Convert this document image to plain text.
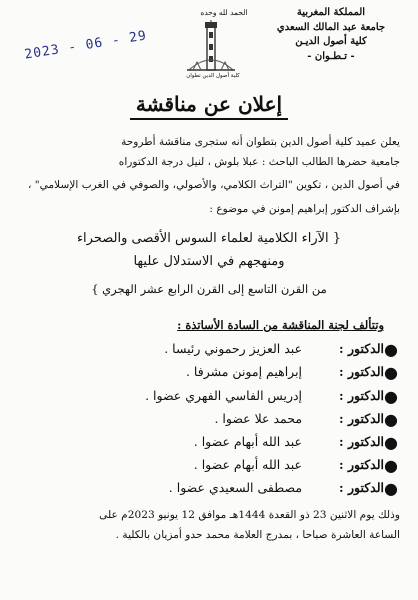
المملكة المغربية
جامعة عبد المالك السعدي
كلية أصول الديـن
- تـطـوان -
الحمد لله وحده
كلية أصول الدين تطوان
2023 - 06 - 29
إعلان عن مناقشة
يعلن عميد كلية أصول الدين بتطوان أنه ستجرى مناقشة أطروحة
جامعية حضرها الطالب الباحث : عبلا بلوش ، لنيل درجة الدكتوراه
في أصول الدين ، تكوين "التراث الكلامي، والأصولي، والصوفي في الغرب الإسلامي" ،
بإشراف الدكتور إبراهيم إمونن في موضوع :
{ الآراء الكلامية لعلماء السوس الأقصى والصحراء
ومنهجهم في الاستدلال عليها
من القرن التاسع إلى القرن الرابع عشر الهجري }
وتتألف لجنة المناقشة من السادة الأساتذة :
● الدكتور : عبد العزيز رحموني رئيسا .
● الدكتور : إبراهيم إمونن مشرفا .
● الدكتور : إدريس الفاسي الفهري عضوا .
● الدكتور : محمد علا عضوا .
● الدكتور : عبد الله أبهام عضوا .
● الدكتور : عبد الله أبهام عضوا .
● الدكتور : مصطفى السعيدي عضوا .
وذلك يوم الاثنين 23 ذو القعدة 1444هـ موافق 12 يونيو 2023م على
الساعة العاشرة صباحا ، بمدرج العلامة محمد حدو أمزيان بالكلية .
